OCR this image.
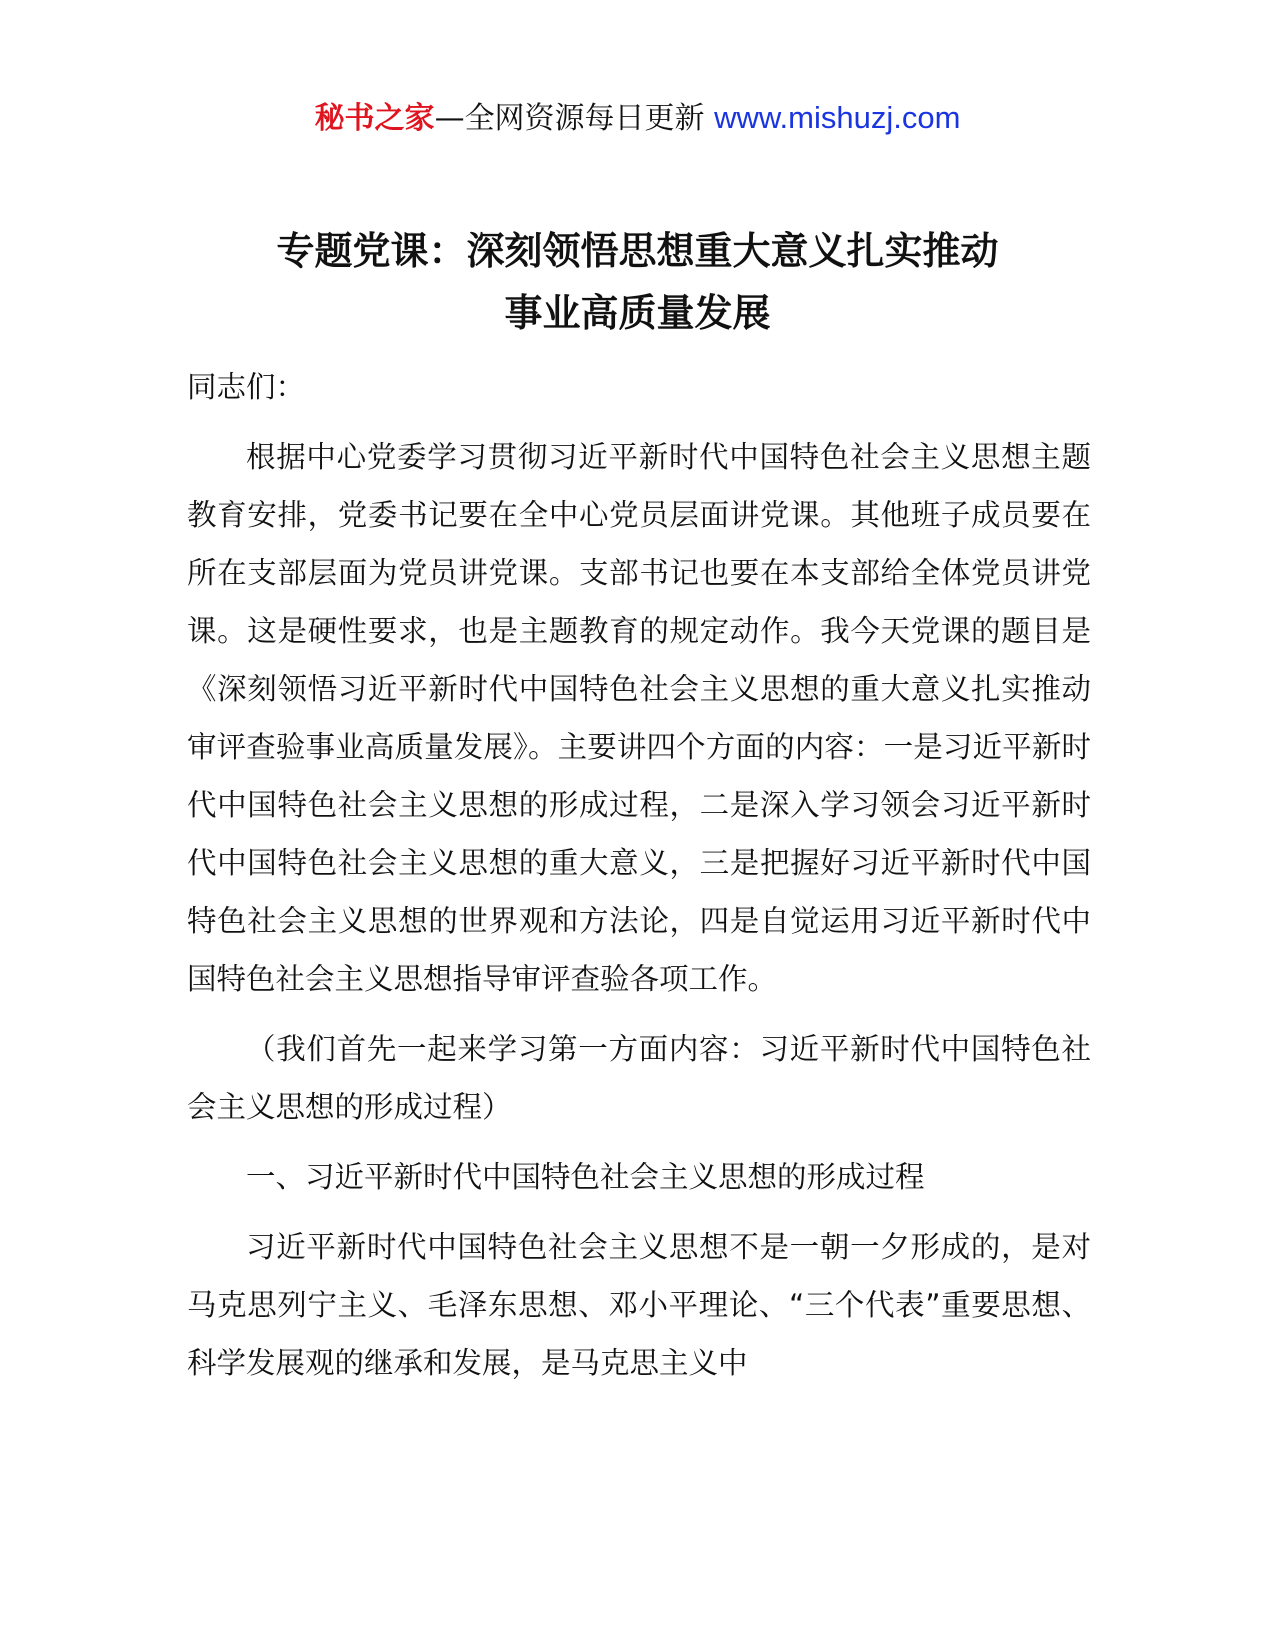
秘书之家—全网资源每日更新 www.mishuzj.com
专题党课：深刻领悟思想重大意义扎实推动
事业高质量发展

同志们：

根据中心党委学习贯彻习近平新时代中国特色社会主义思想主题教育安排，党委书记要在全中心党员层面讲党课。其他班子成员要在所在支部层面为党员讲党课。支部书记也要在本支部给全体党员讲党课。这是硬性要求，也是主题教育的规定动作。我今天党课的题目是《深刻领悟习近平新时代中国特色社会主义思想的重大意义扎实推动审评查验事业高质量发展》。主要讲四个方面的内容：一是习近平新时代中国特色社会主义思想的形成过程，二是深入学习领会习近平新时代中国特色社会主义思想的重大意义，三是把握好习近平新时代中国特色社会主义思想的世界观和方法论，四是自觉运用习近平新时代中国特色社会主义思想指导审评查验各项工作。

（我们首先一起来学习第一方面内容：习近平新时代中国特色社会主义思想的形成过程）

一、习近平新时代中国特色社会主义思想的形成过程

习近平新时代中国特色社会主义思想不是一朝一夕形成的，是对马克思列宁主义、毛泽东思想、邓小平理论、“三个代表”重要思想、科学发展观的继承和发展，是马克思主义中
